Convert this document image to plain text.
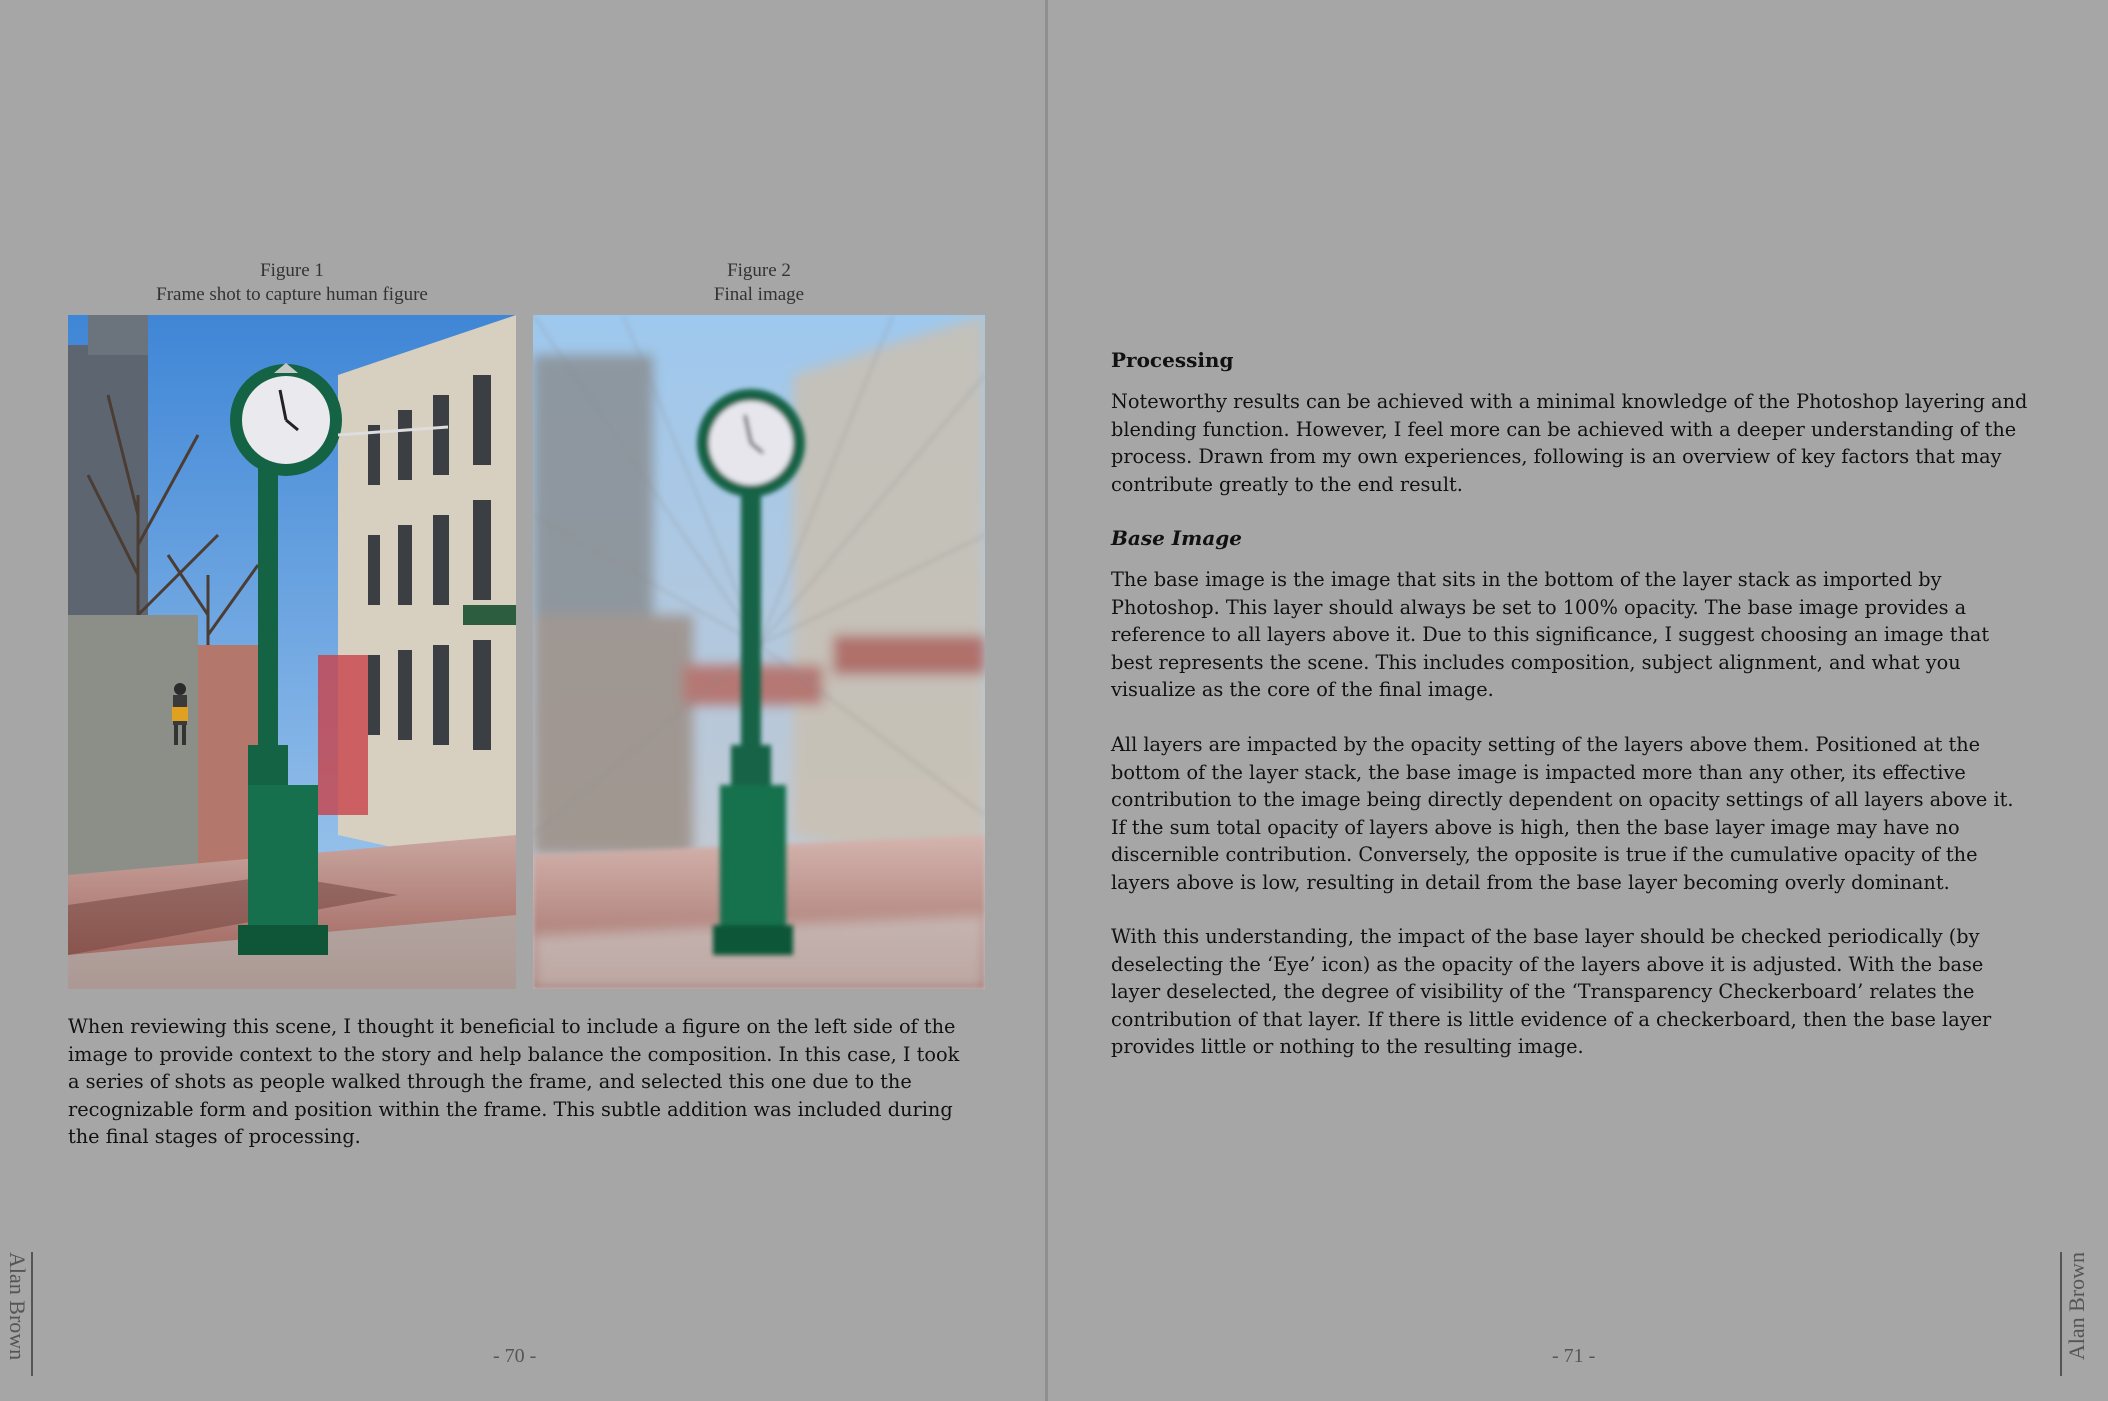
Figure 1
Frame shot to capture human figure
Figure 2
Final image

When reviewing this scene, I thought it beneficial to include a figure on the left side of the image to provide context to the story and help balance the composition. In this case, I took a series of shots as people walked through the frame, and selected this one due to the recognizable form and position within the frame. This subtle addition was included during the final stages of processing.

- 70 -
Alan Brown
Processing

Noteworthy results can be achieved with a minimal knowledge of the Photoshop layering and blending function. However, I feel more can be achieved with a deeper understanding of the process. Drawn from my own experiences, following is an overview of key factors that may contribute greatly to the end result.

Base Image

The base image is the image that sits in the bottom of the layer stack as imported by Photoshop. This layer should always be set to 100% opacity. The base image provides a reference to all layers above it. Due to this significance, I suggest choosing an image that best represents the scene. This includes composition, subject alignment, and what you visualize as the core of the final image.

All layers are impacted by the opacity setting of the layers above them. Positioned at the bottom of the layer stack, the base image is impacted more than any other, its effective contribution to the image being directly dependent on opacity settings of all layers above it. If the sum total opacity of layers above is high, then the base layer image may have no discernible contribution. Conversely, the opposite is true if the cumulative opacity of the layers above is low, resulting in detail from the base layer becoming overly dominant.

With this understanding, the impact of the base layer should be checked periodically (by deselecting the ‘Eye’ icon) as the opacity of the layers above it is adjusted. With the base layer deselected, the degree of visibility of the ‘Transparency Checkerboard’ relates the contribution of that layer. If there is little evidence of a checkerboard, then the base layer provides little or nothing to the resulting image.

- 71 -	Alan Brown
